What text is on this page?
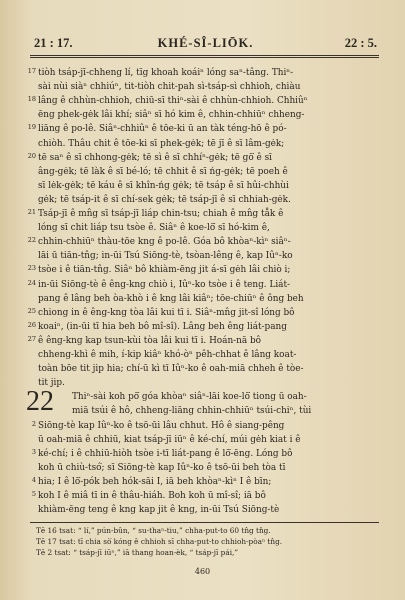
21 : 17.	KHÉ-SÎ-LIŌK.	22 : 5.
22
17 tiòh tsáp-jī-chheng lí, tīg khoah koáiⁿ lóng saⁿ-tâng. Thiⁿ-
sài nùi siàⁿ chhiúⁿ, tit-tiòh chit-pah sì-tsáp-sì chhioh, chiàu
18 lâng ê chhùn-chhioh, chiū-sī thiⁿ-sài ê chhùn-chhioh. Chhiûⁿ
ēng phek-gėk lâi khí; siâⁿ sī hó kim ê, chhin-chhiūⁿ chheng-
19 liāng ê po-lê. Siâⁿ-chhiûⁿ ê tōe-ki ū an tàk téng-hō ê pó-
chiòh. Thâu chit ê tōe-ki sī phek-gėk; tē jī ê sī lâm-gėk;
20 tē saⁿ ê sī chhong-gėk; tē sì ê sī chhíⁿ-gėk; tē gō͘ ê sī
âng-gėk; tē làk ê sī bé-ló; tē chhit ê sī ńg-gėk; tē poeh ê
sī lėk-gėk; tē káu ê sī khîn-ńg gėk; tē tsáp ê sī hûi-chhùi
gėk; tē tsáp-it ê sī chí-sek gėk; tē tsáp-jī ê sī chhiah-gėk.
21 Tsáp-jī ê mn̂g sī tsáp-jī liáp chin-tsu; chiah ê mn̂g tåk ê
lóng sī chit liáp tsu tsòe ê. Siâⁿ ê koe-lō͘ sī hó-kim ê,
22 chhin-chhiūⁿ thàu-tōe kng ê po-lê. Góa bô khòaⁿ-kìⁿ siâⁿ-
lāi ū tiān-tn̂g; in-ūi Tsú Siōng-tè, tsòan-lêng ê, kap Iûⁿ-ko
23 tsòe i ê tiān-tn̂g. Siâⁿ bô khiàm-ēng jit á-sī gėh lâi chiò i;
24 in-ūi Siōng-tè ê êng-kng chiò i, Iûⁿ-ko tsòe i ê teng. Liát-
pang ê lâng beh òa-khò i ê kng lâi kiâⁿ; tōe-chiūⁿ ê ông beh
25 chiong in ê êng-kng tòa lâi kui tī i. Siâⁿ-mn̂g jit-sî lóng bô
26 koaiⁿ, (in-ūi tī hia beh bô mî-sî). Lâng beh êng liát-pang
27 ê êng-kng kap tsun-kùi tòa lâi kui tī i. Hoán-nā bô
chheng-khì ê mih, í-kip kiâⁿ khó-òⁿ pêh-chhat ê lâng koat-
toàn bōe tit jip hia; chí-ū kì tī Iûⁿ-ko ê oah-miā chheh ê tòe-
tit jip.
Thiⁿ-sài koh pō͘ góa khòaⁿ siâⁿ-lāi koe-lō͘ tiong ū oah-
miā tsúi ê hô, chheng-liāng chhin-chhiūⁿ tsúi-chiⁿ, tùi
2 Siōng-tè kap Iûⁿ-ko ê tsō-ūi lâu chhut. Hô ê siang-pêng
ū oah-miā ê chhiū, kiat tsáp-jī iūⁿ ê ké-chí, múi gėh kiat i ê
3 ké-chí; i ê chhiū-hiòh tsòe i-tī liát-pang ê lō͘-ēng. Lóng bô
koh ū chiù-tsó͘; sī Siōng-tè kap Iûⁿ-ko ê tsō-ūi beh tòa tī
4 hia; I ê lō͘-pók beh hók-sāi I, iā beh khòaⁿ-kìⁿ I ê bīn;
5 koh I ê miâ tī in ê thâu-hiáh. Boh koh ū mî-sî; iā bô
khiàm-ēng teng ê kng kap jit ê kng, in-ūi Tsú Siōng-tè
Tē 16 tsat: “ lí,” pún-bûn, “ su-thaⁿ-tiu,” chha-put-to 60 tn̂g tn̂g.
Tē 17 tsat: tī chia sò͘ kóng ê chhioh sī chha-put-to chhioh-pòaⁿ tn̂g.
Tē 2 tsat: “ tsáp-jī iūⁿ,” iā thang hoan-èk, “ tsáp-jī pái,”
460
